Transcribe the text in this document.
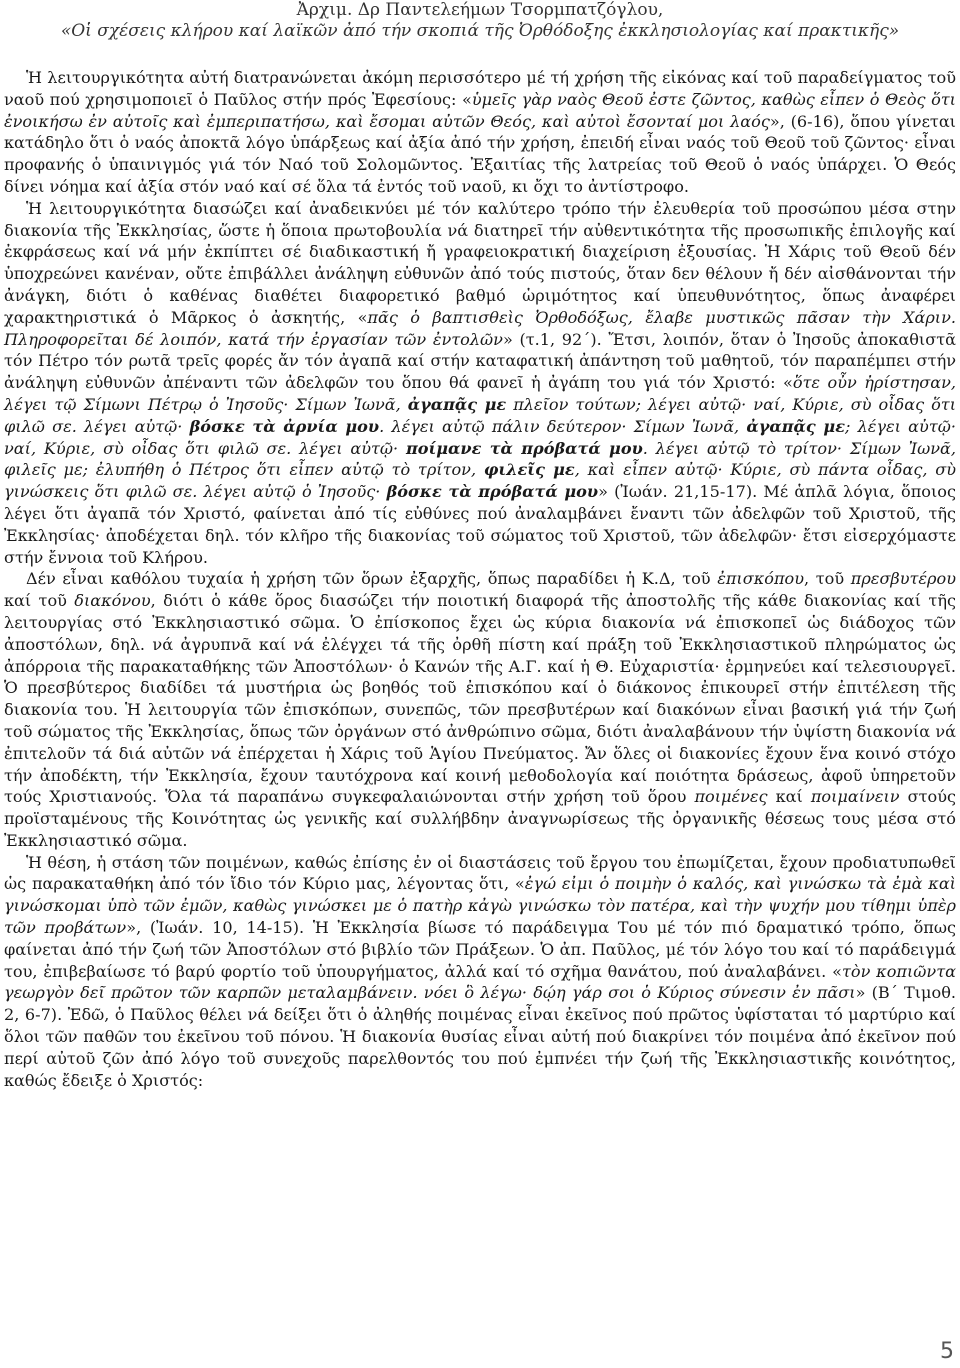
Ἀρχιμ. Δρ Παντελεήμων Τσορμπατζόγλου,
«Οἱ σχέσεις κλήρου καί λαϊκῶν ἀπό τήν σκοπιά τῆς Ὀρθόδοξης ἐκκλησιολογίας καί πρακτικῆς»

Ἡ λειτουργικότητα αὐτή διατρανώνεται ἀκόμη περισσότερο μέ τή χρήση τῆς εἰκόνας καί τοῦ παραδείγματος τοῦ ναοῦ πού χρησιμοποιεῖ ὁ Παῦλος στήν πρός Ἐφεσίους: «ὑμεῖς γὰρ ναὸς Θεοῦ ἐστε ζῶντος, καθὼς εἶπεν ὁ Θεὸς ὅτι ἐνοικήσω ἐν αὐτοῖς καὶ ἐμπεριπατήσω, καὶ ἔσομαι αὐτῶν Θεός, καὶ αὐτοὶ ἔσονταί μοι λαός», (6-16), ὅπου γίνεται κατάδηλο ὅτι ὁ ναός ἀποκτᾶ λόγο ὑπάρξεως καί ἀξία ἀπό τήν χρήση, ἐπειδή εἶναι ναός τοῦ Θεοῦ τοῦ ζῶντος· εἶναι προφανής ὁ ὑπαινιγμός γιά τόν Ναό τοῦ Σολομῶντος. Ἐξαιτίας τῆς λατρείας τοῦ Θεοῦ ὁ ναός ὑπάρχει. Ὁ Θεός δίνει νόημα καί ἀξία στόν ναό καί σέ ὅλα τά ἐντός τοῦ ναοῦ, κι ὄχι το ἀντίστροφο.

Ἡ λειτουργικότητα διασώζει καί ἀναδεικνύει μέ τόν καλύτερο τρόπο τήν ἐλευθερία τοῦ προσώπου μέσα στην διακονία τῆς Ἐκκλησίας, ὥστε ἡ ὅποια πρωτοβουλία νά διατηρεῖ τήν αὐθεντικότητα τῆς προσωπικῆς ἐπιλογῆς καί ἐκφράσεως καί νά μήν ἐκπίπτει σέ διαδικαστική ἤ γραφειοκρατική διαχείριση ἐξουσίας. Ἡ Χάρις τοῦ Θεοῦ δέν ὑποχρεώνει κανέναν, οὔτε ἐπιβάλλει ἀνάληψη εὐθυνῶν ἀπό τούς πιστούς, ὅταν δεν θέλουν ἤ δέν αἰσθάνονται τήν ἀνάγκη, διότι ὁ καθένας διαθέτει διαφορετικό βαθμό ὡριμότητος καί ὑπευθυνότητος, ὅπως ἀναφέρει χαρακτηριστικά ὁ Μᾶρκος ὁ ἀσκητής, «πᾶς ὁ βαπτισθεὶς Ὀρθοδόξως, ἔλαβε μυστικῶς πᾶσαν τὴν Χάριν. Πληροφορεῖται δέ λοιπόν, κατά τήν ἐργασίαν τῶν ἐντολῶν» (τ.1, 92΄). Ἔτσι, λοιπόν, ὅταν ὁ Ἰησοῦς ἀποκαθιστᾶ τόν Πέτρο τόν ρωτᾶ τρεῖς φορές ἄν τόν ἀγαπᾶ καί στήν καταφατική ἀπάντηση τοῦ μαθητοῦ, τόν παραπέμπει στήν ἀνάληψη εὐθυνῶν ἀπέναντι τῶν ἀδελφῶν του ὅπου θά φανεῖ ἡ ἀγάπη του γιά τόν Χριστό: «ὅτε οὖν ἠρίστησαν, λέγει τῷ Σίμωνι Πέτρῳ ὁ Ἰησοῦς· Σίμων Ἰωνᾶ, ἀγαπᾷς με πλεῖον τούτων; λέγει αὐτῷ· ναί, Κύριε, σὺ οἶδας ὅτι φιλῶ σε. λέγει αὐτῷ· βόσκε τὰ ἀρνία μου. λέγει αὐτῷ πάλιν δεύτερον· Σίμων Ἰωνᾶ, ἀγαπᾷς με; λέγει αὐτῷ· ναί, Κύριε, σὺ οἶδας ὅτι φιλῶ σε. λέγει αὐτῷ· ποίμανε τὰ πρόβατά μου. λέγει αὐτῷ τὸ τρίτον· Σίμων Ἰωνᾶ, φιλεῖς με; ἐλυπήθη ὁ Πέτρος ὅτι εἶπεν αὐτῷ τὸ τρίτον, φιλεῖς με, καὶ εἶπεν αὐτῷ· Κύριε, σὺ πάντα οἶδας, σὺ γινώσκεις ὅτι φιλῶ σε. λέγει αὐτῷ ὁ Ἰησοῦς· βόσκε τὰ πρόβατά μου» (Ἰωάν. 21,15-17). Μέ ἁπλᾶ λόγια, ὅποιος λέγει ὅτι ἀγαπᾶ τόν Χριστό, φαίνεται ἀπό τίς εὐθύνες πού ἀναλαμβάνει ἔναντι τῶν ἀδελφῶν τοῦ Χριστοῦ, τῆς Ἐκκλησίας· ἀποδέχεται δηλ. τόν κλῆρο τῆς διακονίας τοῦ σώματος τοῦ Χριστοῦ, τῶν ἀδελφῶν· ἔτσι εἰσερχόμαστε στήν ἔννοια τοῦ Κλήρου.

Δέν εἶναι καθόλου τυχαία ἡ χρήση τῶν ὅρων ἐξαρχῆς, ὅπως παραδίδει ἡ Κ.Δ, τοῦ ἐπισκόπου, τοῦ πρεσβυτέρου καί τοῦ διακόνου, διότι ὁ κάθε ὅρος διασώζει τήν ποιοτική διαφορά τῆς ἀποστολῆς τῆς κάθε διακονίας καί τῆς λειτουργίας στό Ἐκκλησιαστικό σῶμα. Ὁ ἐπίσκοπος ἔχει ὡς κύρια διακονία νά ἐπισκοπεῖ ὡς διάδοχος τῶν ἀποστόλων, δηλ. νά ἀγρυπνᾶ καί νά ἐλέγχει τά τῆς ὀρθῆ πίστη καί πράξη τοῦ Ἐκκλησιαστικοῦ πληρώματος ὡς ἀπόρροια τῆς παρακαταθήκης τῶν Ἀποστόλων· ὁ Κανών τῆς Α.Γ. καί ἡ Θ. Εὐχαριστία· ἑρμηνεύει καί τελεσιουργεῖ. Ὁ πρεσβύτερος διαδίδει τά μυστήρια ὡς βοηθός τοῦ ἐπισκόπου καί ὁ διάκονος ἐπικουρεῖ στήν ἐπιτέλεση τῆς διακονία του. Ἡ λειτουργία τῶν ἐπισκόπων, συνεπῶς, τῶν πρεσβυτέρων καί διακόνων εἶναι βασική γιά τήν ζωή τοῦ σώματος τῆς Ἐκκλησίας, ὅπως τῶν ὀργάνων στό ἀνθρώπινο σῶμα, διότι ἀναλαβάνουν τήν ὑψίστη διακονία νά ἐπιτελοῦν τά διά αὐτῶν νά ἐπέρχεται ἡ Χάρις τοῦ Ἁγίου Πνεύματος. Ἄν ὅλες οἱ διακονίες ἔχουν ἕνα κοινό στόχο τήν ἀποδέκτη, τήν Ἐκκλησία, ἔχουν ταυτόχρονα καί κοινή μεθοδολογία καί ποιότητα δράσεως, ἀφοῦ ὑπηρετοῦν τούς Χριστιανούς. Ὅλα τά παραπάνω συγκεφαλαιώνονται στήν χρήση τοῦ ὅρου ποιμένες καί ποιμαίνειν στούς προϊσταμένους τῆς Κοινότητας ὡς γενικῆς καί συλλήβδην ἀναγνωρίσεως τῆς ὀργανικῆς θέσεως τους μέσα στό Ἐκκλησιαστικό σῶμα.

Ἡ θέση, ἡ στάση τῶν ποιμένων, καθώς ἐπίσης ἐν οἱ διαστάσεις τοῦ ἔργου του ἐπωμίζεται, ἔχουν προδιατυπωθεῖ ὡς παρακαταθήκη ἀπό τόν ἴδιο τόν Κύριο μας, λέγοντας ὅτι, «ἐγώ εἰμι ὁ ποιμὴν ὁ καλός, καὶ γινώσκω τὰ ἐμὰ καὶ γινώσκομαι ὑπὸ τῶν ἐμῶν, καθὼς γινώσκει με ὁ πατὴρ κἀγὼ γινώσκω τὸν πατέρα, καὶ τὴν ψυχήν μου τίθημι ὑπὲρ τῶν προβάτων», (Ἰωάν. 10, 14-15). Ἡ Ἐκκλησία βίωσε τό παράδειγμα Του μέ τόν πιό δραματικό τρόπο, ὅπως φαίνεται ἀπό τήν ζωή τῶν Ἀποστόλων στό βιβλίο τῶν Πράξεων. Ὁ ἀπ. Παῦλος, μέ τόν λόγο του καί τό παράδειγμά του, ἐπιβεβαίωσε τό βαρύ φορτίο τοῦ ὑπουργήματος, ἀλλά καί τό σχῆμα θανάτου, πού ἀναλαβάνει. «τὸν κοπιῶντα γεωργὸν δεῖ πρῶτον τῶν καρπῶν μεταλαμβάνειν. νόει ὃ λέγω· δῴη γάρ σοι ὁ Κύριος σύνεσιν ἐν πᾶσι» (Β΄ Τιμοθ. 2, 6-7). Ἐδῶ, ὁ Παῦλος θέλει νά δείξει ὅτι ὁ ἀληθής ποιμένας εἶναι ἐκεῖνος πού πρῶτος ὑφίσταται τό μαρτύριο καί ὅλοι τῶν παθῶν του ἐκεῖνου τοῦ πόνου. Ἡ διακονία θυσίας εἶναι αὐτή πού διακρίνει τόν ποιμένα ἀπό ἐκεῖνον πού περί αὐτοῦ ζῶν ἀπό λόγο τοῦ συνεχοῦς παρελθοντός του πού ἐμπνέει τήν ζωή τῆς Ἐκκλησιαστικῆς κοινότητος, καθώς ἔδειξε ὁ Χριστός:

5
